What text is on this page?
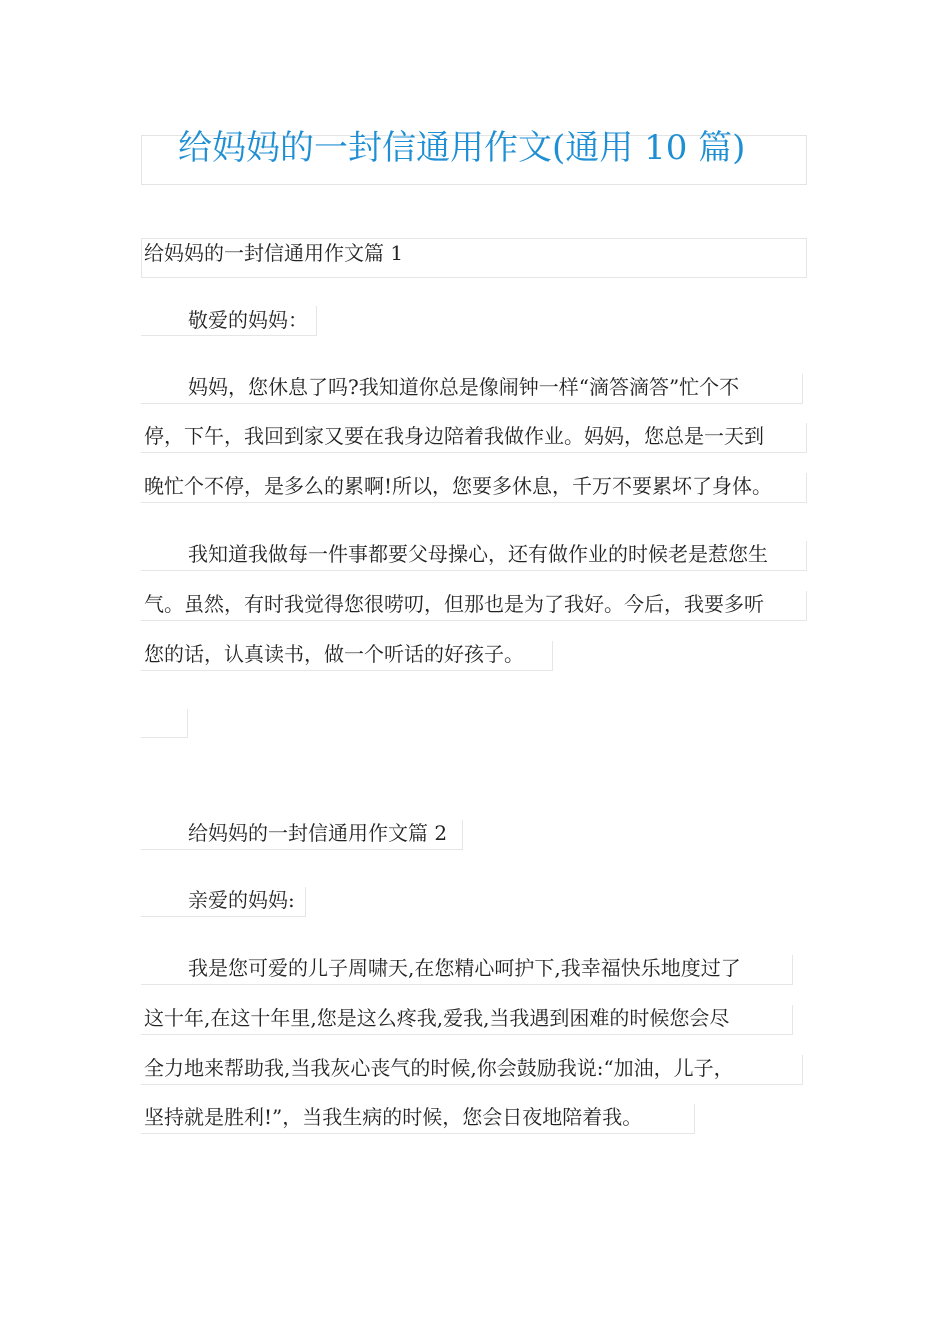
给妈妈的一封信通用作文(通用 10 篇)
给妈妈的一封信通用作文篇 1
敬爱的妈妈：
妈妈，您休息了吗?我知道你总是像闹钟一样“滴答滴答”忙个不
停，下午，我回到家又要在我身边陪着我做作业。妈妈，您总是一天到
晚忙个不停，是多么的累啊!所以，您要多休息，千万不要累坏了身体。
我知道我做每一件事都要父母操心，还有做作业的时候老是惹您生
气。虽然，有时我觉得您很唠叨，但那也是为了我好。今后，我要多听
您的话，认真读书，做一个听话的好孩子。
给妈妈的一封信通用作文篇 2
亲爱的妈妈:
我是您可爱的儿子周啸天,在您精心呵护下,我幸福快乐地度过了
这十年,在这十年里,您是这么疼我,爱我,当我遇到困难的时候您会尽
全力地来帮助我,当我灰心丧气的时候,你会鼓励我说:“加油，儿子，
坚持就是胜利!”，当我生病的时候，您会日夜地陪着我。
